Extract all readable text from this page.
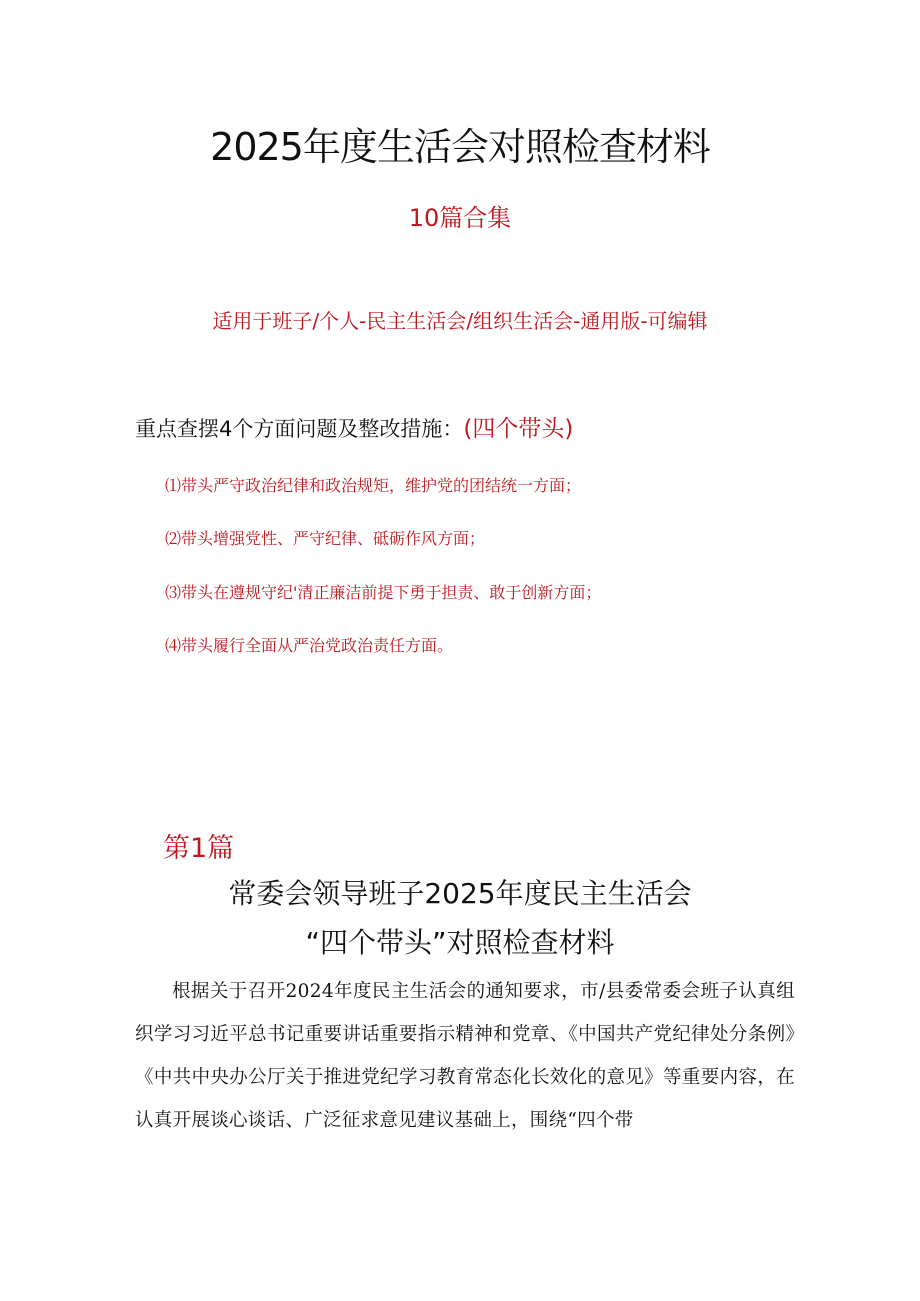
2025年度生活会对照检查材料
10篇合集
适用于班子/个人-民主生活会/组织生活会-通用版-可编辑
重点查摆4个方面问题及整改措施：(四个带头)
⑴带头严守政治纪律和政治规矩，维护党的团结统一方面；
⑵带头增强党性、严守纪律、砥砺作风方面；
⑶带头在遵规守纪'清正廉洁前提下勇于担责、敢于创新方面；
⑷带头履行全面从严治党政治责任方面。
第1篇
常委会领导班子2025年度民主生活会
“四个带头”对照检查材料
根据关于召开2024年度民主生活会的通知要求，市/县委常委会班子认真组织学习习近平总书记重要讲话重要指示精神和党章、《中国共产党纪律处分条例》《中共中央办公厅关于推进党纪学习教育常态化长效化的意见》等重要内容，在认真开展谈心谈话、广泛征求意见建议基础上，围绕“四个带
